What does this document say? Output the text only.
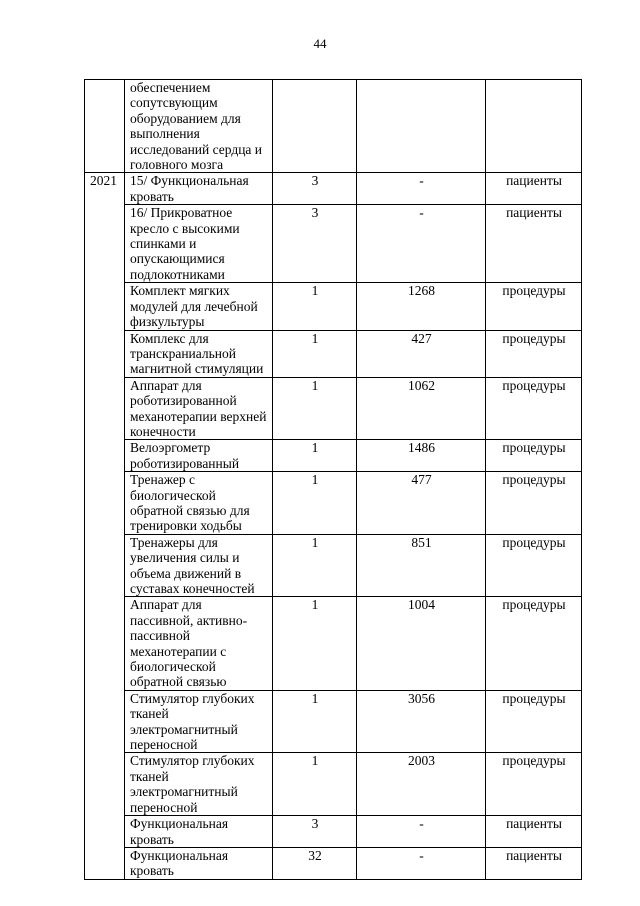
44
	обеспечением сопутсвующим оборудованием для выполнения исследований сердца и головного мозга			
2021	15/ Функциональная кровать	3	-	пациенты
	16/ Прикроватное кресло с высокими спинками и опускающимися подлокотниками	3	-	пациенты
	Комплект мягких модулей для лечебной физкультуры	1	1268	процедуры
	Комплекс для транскраниальной магнитной стимуляции	1	427	процедуры
	Аппарат для роботизированной механотерапии верхней конечности	1	1062	процедуры
	Велоэргометр роботизированный	1	1486	процедуры
	Тренажер с биологической обратной связью для тренировки ходьбы	1	477	процедуры
	Тренажеры для увеличения силы и объема движений в суставах конечностей	1	851	процедуры
	Аппарат для пассивной, активно-пассивной механотерапии с биологической обратной связью	1	1004	процедуры
	Стимулятор глубоких тканей электромагнитный переносной	1	3056	процедуры
	Стимулятор глубоких тканей электромагнитный переносной	1	2003	процедуры
	Функциональная кровать	3	-	пациенты
	Функциональная кровать	32	-	пациенты
